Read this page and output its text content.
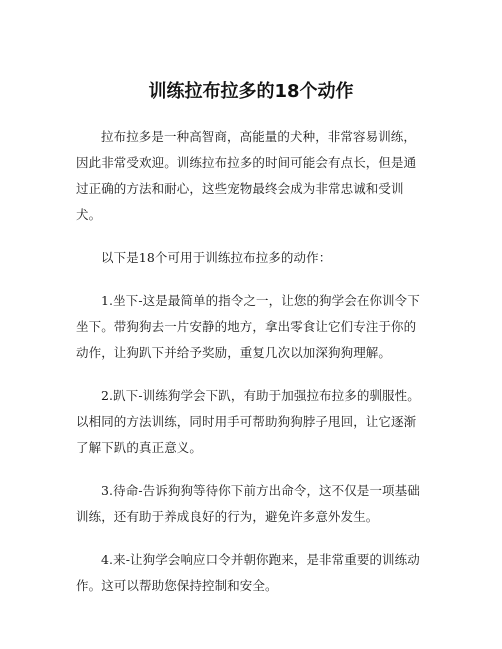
训练拉布拉多的18个动作

拉布拉多是一种高智商，高能量的犬种，非常容易训练，因此非常受欢迎。训练拉布拉多的时间可能会有点长，但是通过正确的方法和耐心，这些宠物最终会成为非常忠诚和受训犬。

以下是18个可用于训练拉布拉多的动作：

1.坐下-这是最简单的指令之一，让您的狗学会在你训令下坐下。带狗狗去一片安静的地方，拿出零食让它们专注于你的动作，让狗趴下并给予奖励，重复几次以加深狗狗理解。

2.趴下-训练狗学会下趴，有助于加强拉布拉多的驯服性。以相同的方法训练，同时用手可帮助狗狗脖子甩回，让它逐渐了解下趴的真正意义。

3.待命-告诉狗狗等待你下前方出命令，这不仅是一项基础训练，还有助于养成良好的行为，避免许多意外发生。

4.来-让狗学会响应口令并朝你跑来，是非常重要的训练动作。这可以帮助您保持控制和安全。
